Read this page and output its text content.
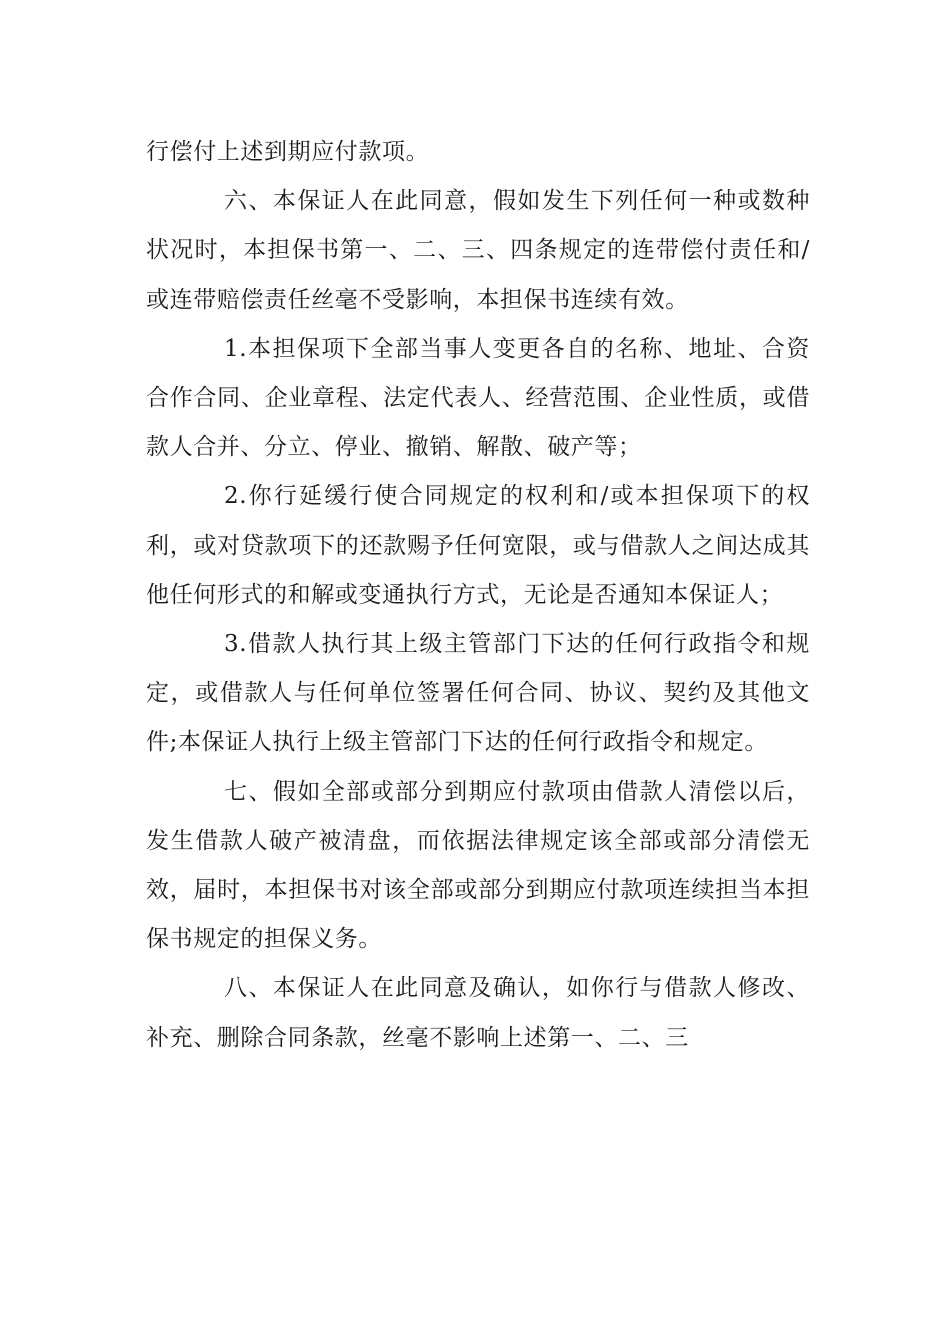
行偿付上述到期应付款项。

六、本保证人在此同意，假如发生下列任何一种或数种状况时，本担保书第一、二、三、四条规定的连带偿付责任和/或连带赔偿责任丝毫不受影响，本担保书连续有效。

1.本担保项下全部当事人变更各自的名称、地址、合资合作合同、企业章程、法定代表人、经营范围、企业性质，或借款人合并、分立、停业、撤销、解散、破产等；

2.你行延缓行使合同规定的权利和/或本担保项下的权利，或对贷款项下的还款赐予任何宽限，或与借款人之间达成其他任何形式的和解或变通执行方式，无论是否通知本保证人；

3.借款人执行其上级主管部门下达的任何行政指令和规定，或借款人与任何单位签署任何合同、协议、契约及其他文件;本保证人执行上级主管部门下达的任何行政指令和规定。

七、假如全部或部分到期应付款项由借款人清偿以后，发生借款人破产被清盘，而依据法律规定该全部或部分清偿无效，届时，本担保书对该全部或部分到期应付款项连续担当本担保书规定的担保义务。

八、本保证人在此同意及确认，如你行与借款人修改、补充、删除合同条款，丝毫不影响上述第一、二、三
